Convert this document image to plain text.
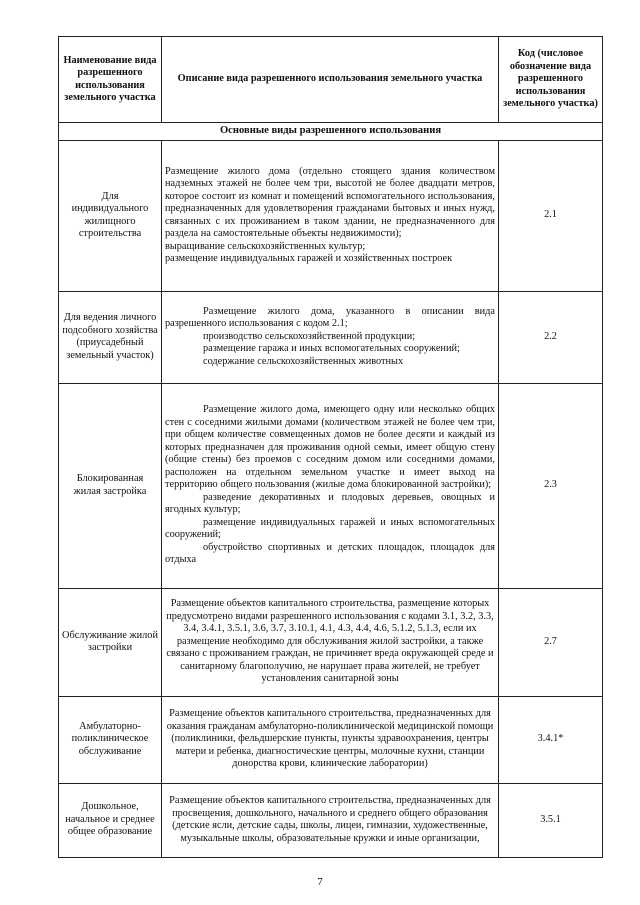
Наименование вида разрешенного использования земельного участка	Описание вида разрешенного использования земельного участка	Код (числовое обозначение вида разрешенного использования земельного участка)
Основные виды разрешенного использования		
Для индивидуального жилищного строительства	Размещение жилого дома (отдельно стоящего здания количеством надземных этажей не более чем три, высотой не более двадцати метров, которое состоит из комнат и помещений вспомогательного использования, предназначенных для удовлетворения гражданами бытовых и иных нужд, связанных с их проживанием в таком здании, не предназначенного для раздела на самостоятельные объекты недвижимости);

выращивание сельскохозяйственных культур;

размещение индивидуальных гаражей и хозяйственных построек	2.1
Для ведения личного подсобного хозяйства (приусадебный земельный участок)	Размещение жилого дома, указанного в описании вида разрешенного использования с кодом 2.1;

производство сельскохозяйственной продукции;

размещение гаража и иных вспомогательных сооружений;

содержание сельскохозяйственных животных	2.2
Блокированная жилая застройка	Размещение жилого дома, имеющего одну или несколько общих стен с соседними жилыми домами (количеством этажей не более чем три, при общем количестве совмещенных домов не более десяти и каждый из которых предназначен для проживания одной семьи, имеет общую стену (общие стены) без проемов с соседним домом или соседними домами, расположен на отдельном земельном участке и имеет выход на территорию общего пользования (жилые дома блокированной застройки);

разведение декоративных и плодовых деревьев, овощных и ягодных культур;

размещение индивидуальных гаражей и иных вспомогательных сооружений;

обустройство спортивных и детских площадок, площадок для отдыха	2.3
Обслуживание жилой застройки	Размещение объектов капитального строительства, размещение которых предусмотрено видами разрешенного использования с кодами 3.1, 3.2, 3.3, 3.4, 3.4.1, 3.5.1, 3.6, 3.7, 3.10.1, 4.1, 4.3, 4.4, 4.6, 5.1.2, 5.1.3, если их размещение необходимо для обслуживания жилой застройки, а также связано с проживанием граждан, не причиняет вреда окружающей среде и санитарному благополучию, не нарушает права жителей, не требует установления санитарной зоны	2.7
Амбулаторно-поликлиническое обслуживание	Размещение объектов капитального строительства, предназначенных для оказания гражданам амбулаторно-поликлинической медицинской помощи (поликлиники, фельдшерские пункты, пункты здравоохранения, центры матери и ребенка, диагностические центры, молочные кухни, станции донорства крови, клинические лаборатории)	3.4.1*
Дошкольное, начальное и среднее общее образование	Размещение объектов капитального строительства, предназначенных для просвещения, дошкольного, начального и среднего общего образования (детские ясли, детские сады, школы, лицеи, гимназии, художественные, музыкальные школы, образовательные кружки и иные организации,	3.5.1
7
